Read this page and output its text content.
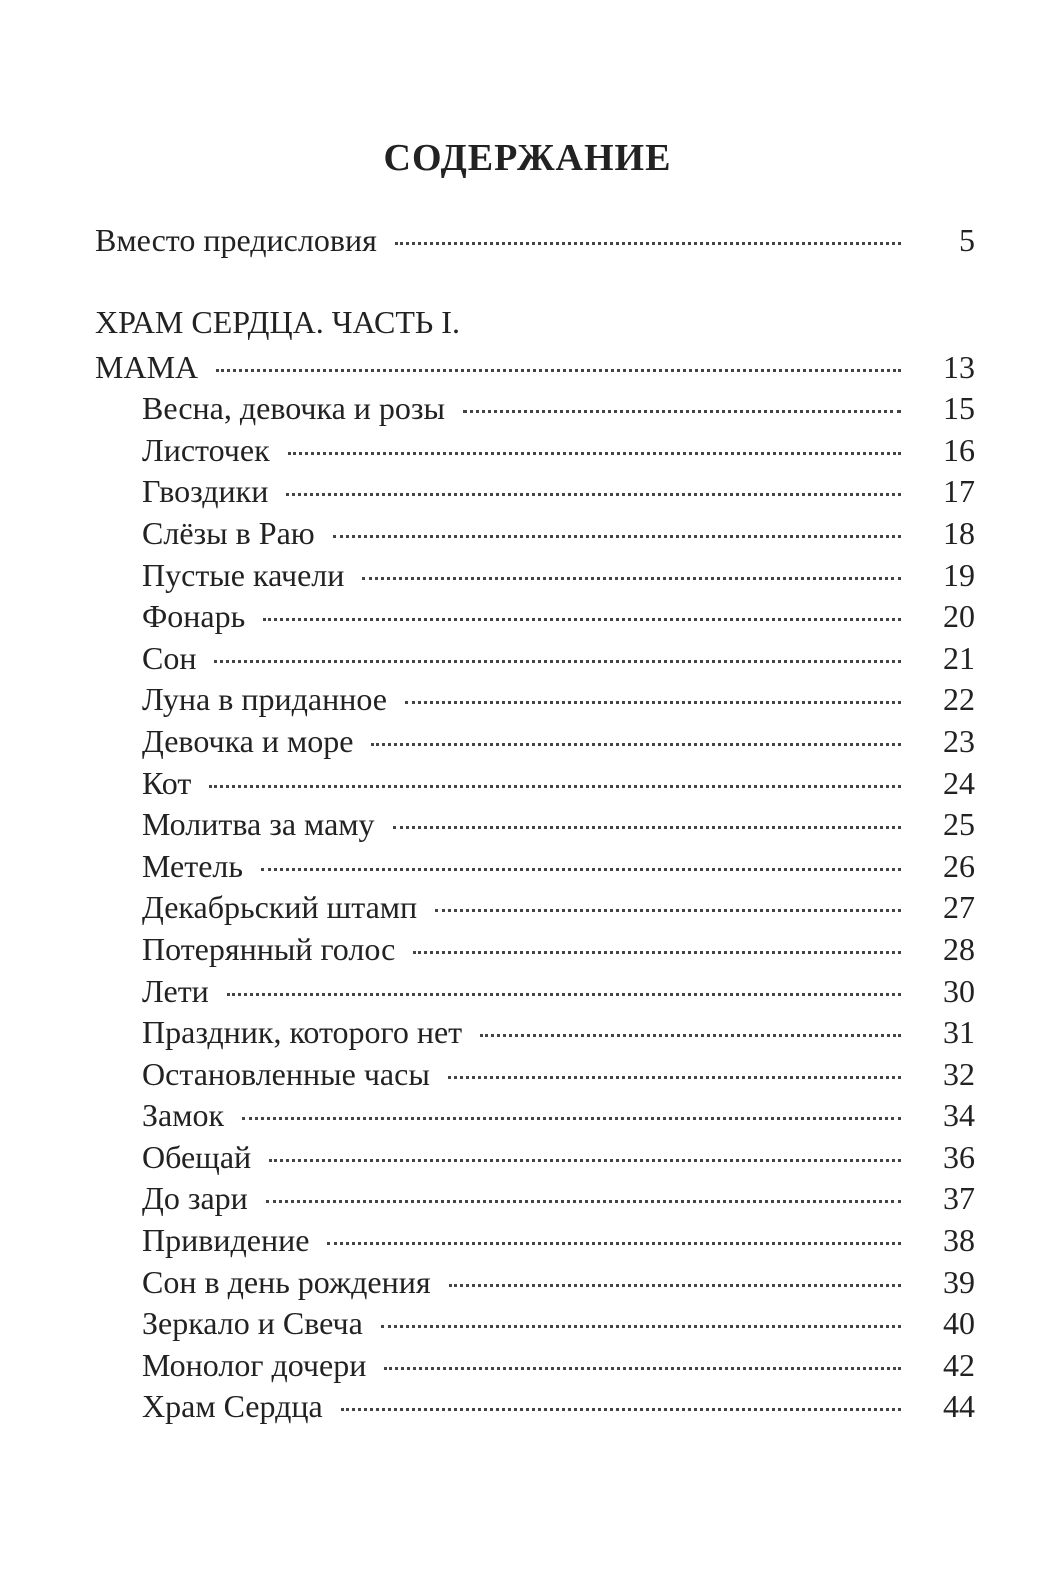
СОДЕРЖАНИЕ
Вместо предисловия	5
ХРАМ СЕРДЦА. ЧАСТЬ I.
МАМА	13
Весна, девочка и розы	15
Листочек	16
Гвоздики	17
Слёзы в Раю	18
Пустые качели	19
Фонарь	20
Сон	21
Луна в приданное	22
Девочка и море	23
Кот	24
Молитва за маму	25
Метель	26
Декабрьский штамп	27
Потерянный голос	28
Лети	30
Праздник, которого нет	31
Остановленные часы	32
Замок	34
Обещай	36
До зари	37
Привидение	38
Сон в день рождения	39
Зеркало и Свеча	40
Монолог дочери	42
Храм Сердца	44
